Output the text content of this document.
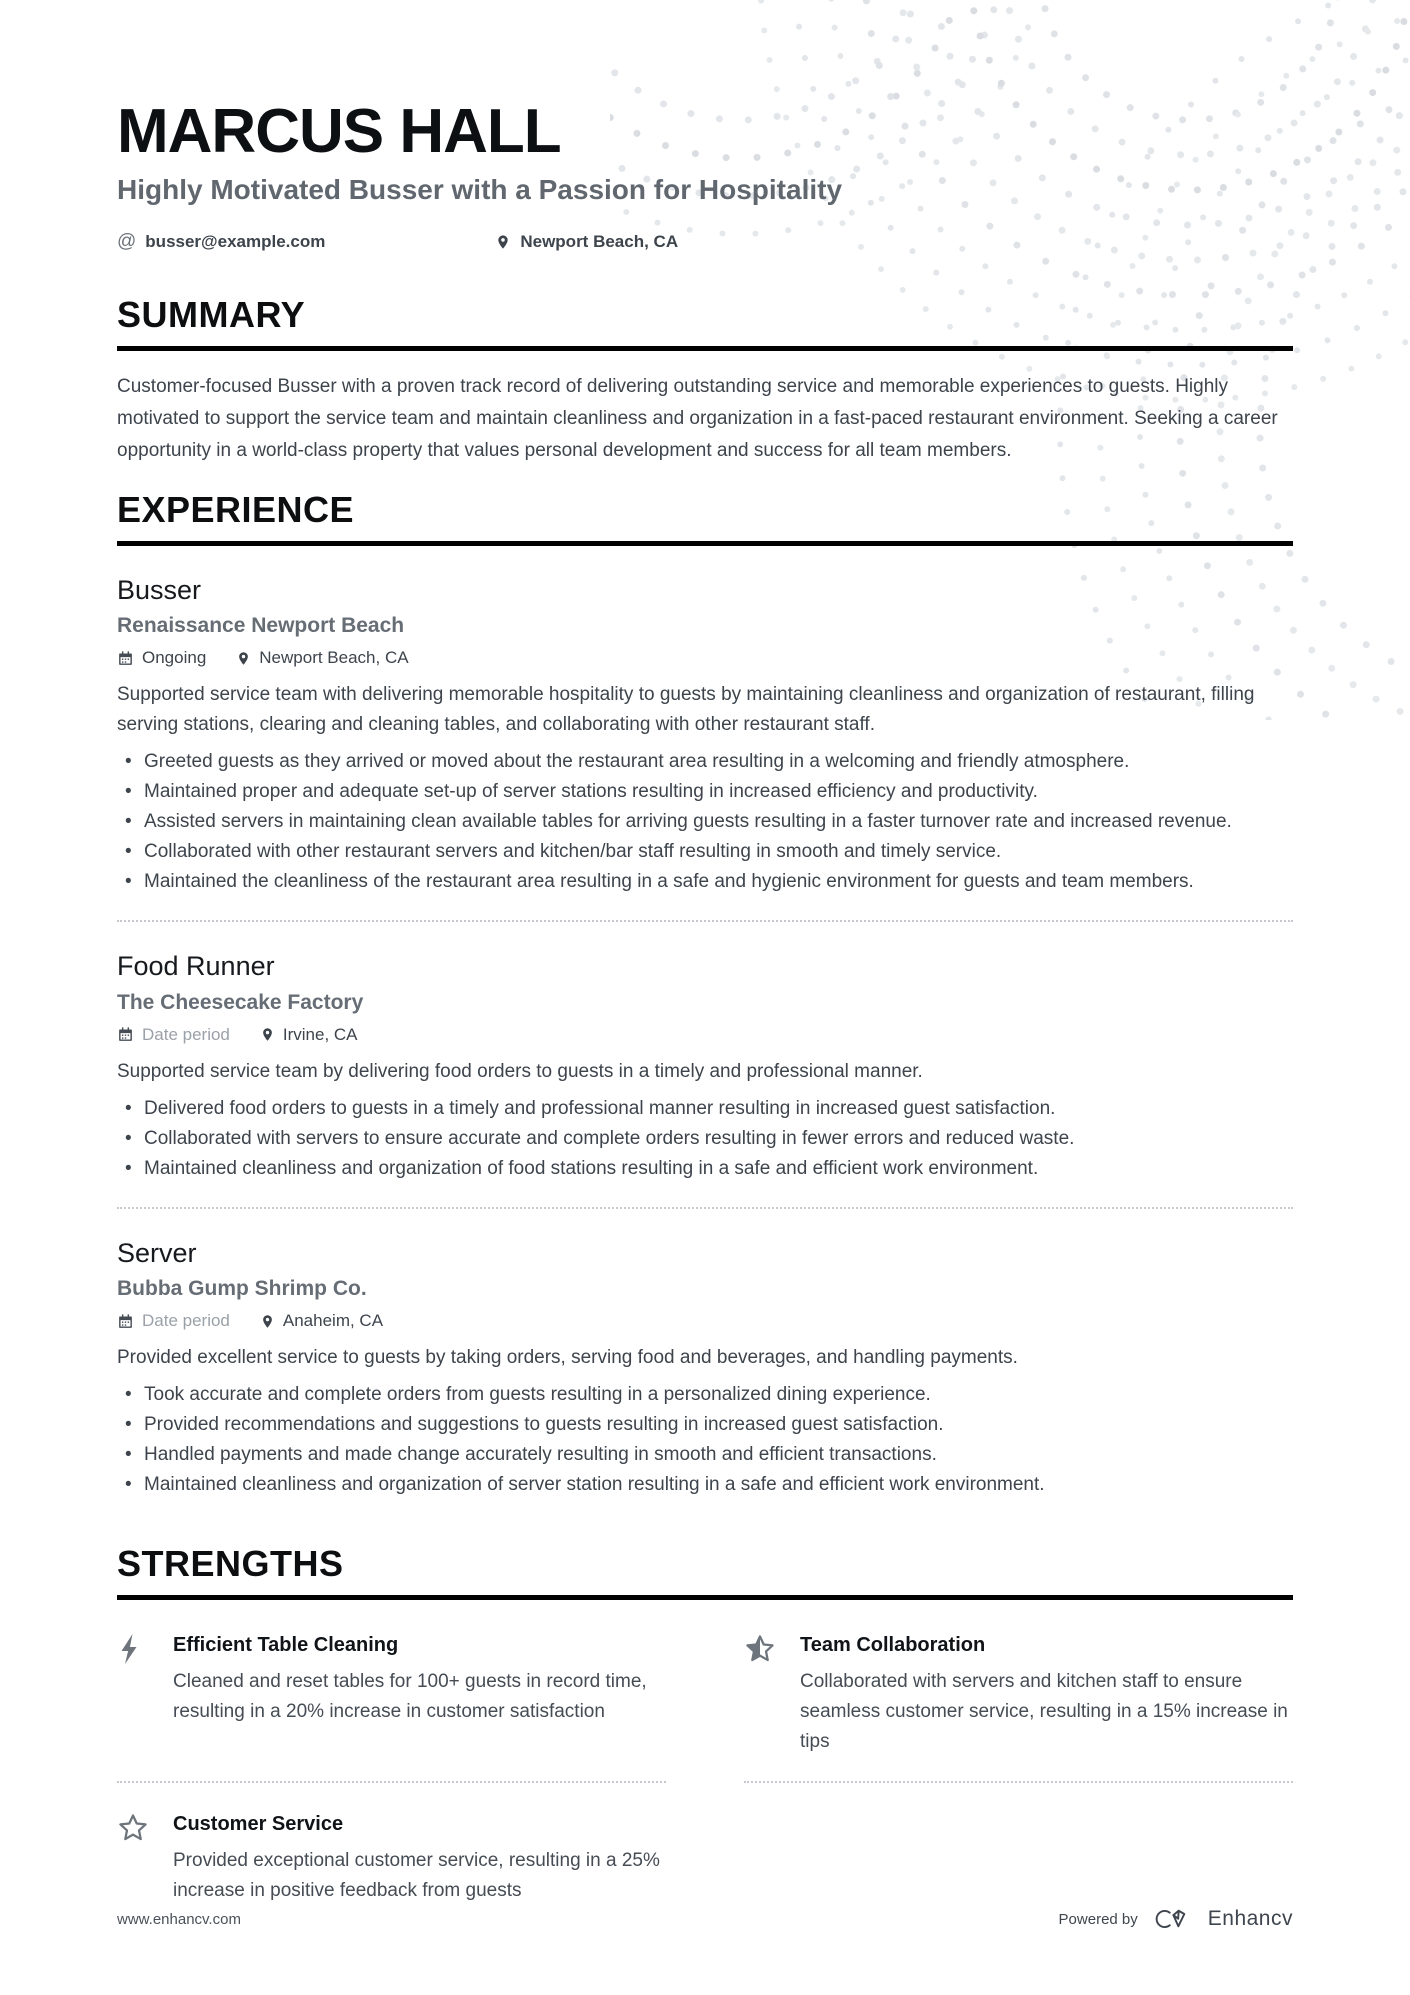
MARCUS HALL
Highly Motivated Busser with a Passion for Hospitality
@ busser@example.com	Newport Beach, CA
SUMMARY

Customer-focused Busser with a proven track record of delivering outstanding service and memorable experiences to guests. Highly motivated to support the service team and maintain cleanliness and organization in a fast-paced restaurant environment. Seeking a career opportunity in a world-class property that values personal development and success for all team members.

EXPERIENCE
Busser
Renaissance Newport Beach
Ongoing	Newport Beach, CA

Supported service team with delivering memorable hospitality to guests by maintaining cleanliness and organization of restaurant, filling serving stations, clearing and cleaning tables, and collaborating with other restaurant staff.

• Greeted guests as they arrived or moved about the restaurant area resulting in a welcoming and friendly atmosphere.
• Maintained proper and adequate set-up of server stations resulting in increased efficiency and productivity.
• Assisted servers in maintaining clean available tables for arriving guests resulting in a faster turnover rate and increased revenue.
• Collaborated with other restaurant servers and kitchen/bar staff resulting in smooth and timely service.
• Maintained the cleanliness of the restaurant area resulting in a safe and hygienic environment for guests and team members.
Food Runner
The Cheesecake Factory
Date period	Irvine, CA

Supported service team by delivering food orders to guests in a timely and professional manner.

• Delivered food orders to guests in a timely and professional manner resulting in increased guest satisfaction.
• Collaborated with servers to ensure accurate and complete orders resulting in fewer errors and reduced waste.
• Maintained cleanliness and organization of food stations resulting in a safe and efficient work environment.
Server
Bubba Gump Shrimp Co.
Date period	Anaheim, CA

Provided excellent service to guests by taking orders, serving food and beverages, and handling payments.

• Took accurate and complete orders from guests resulting in a personalized dining experience.
• Provided recommendations and suggestions to guests resulting in increased guest satisfaction.
• Handled payments and made change accurately resulting in smooth and efficient transactions.
• Maintained cleanliness and organization of server station resulting in a safe and efficient work environment.
STRENGTHS
Efficient Table Cleaning

Cleaned and reset tables for 100+ guests in record time, resulting in a 20% increase in customer satisfaction

Team Collaboration

Collaborated with servers and kitchen staff to ensure seamless customer service, resulting in a 15% increase in tips

Customer Service

Provided exceptional customer service, resulting in a 25% increase in positive feedback from guests

www.enhancv.com	Powered by	Enhancv
